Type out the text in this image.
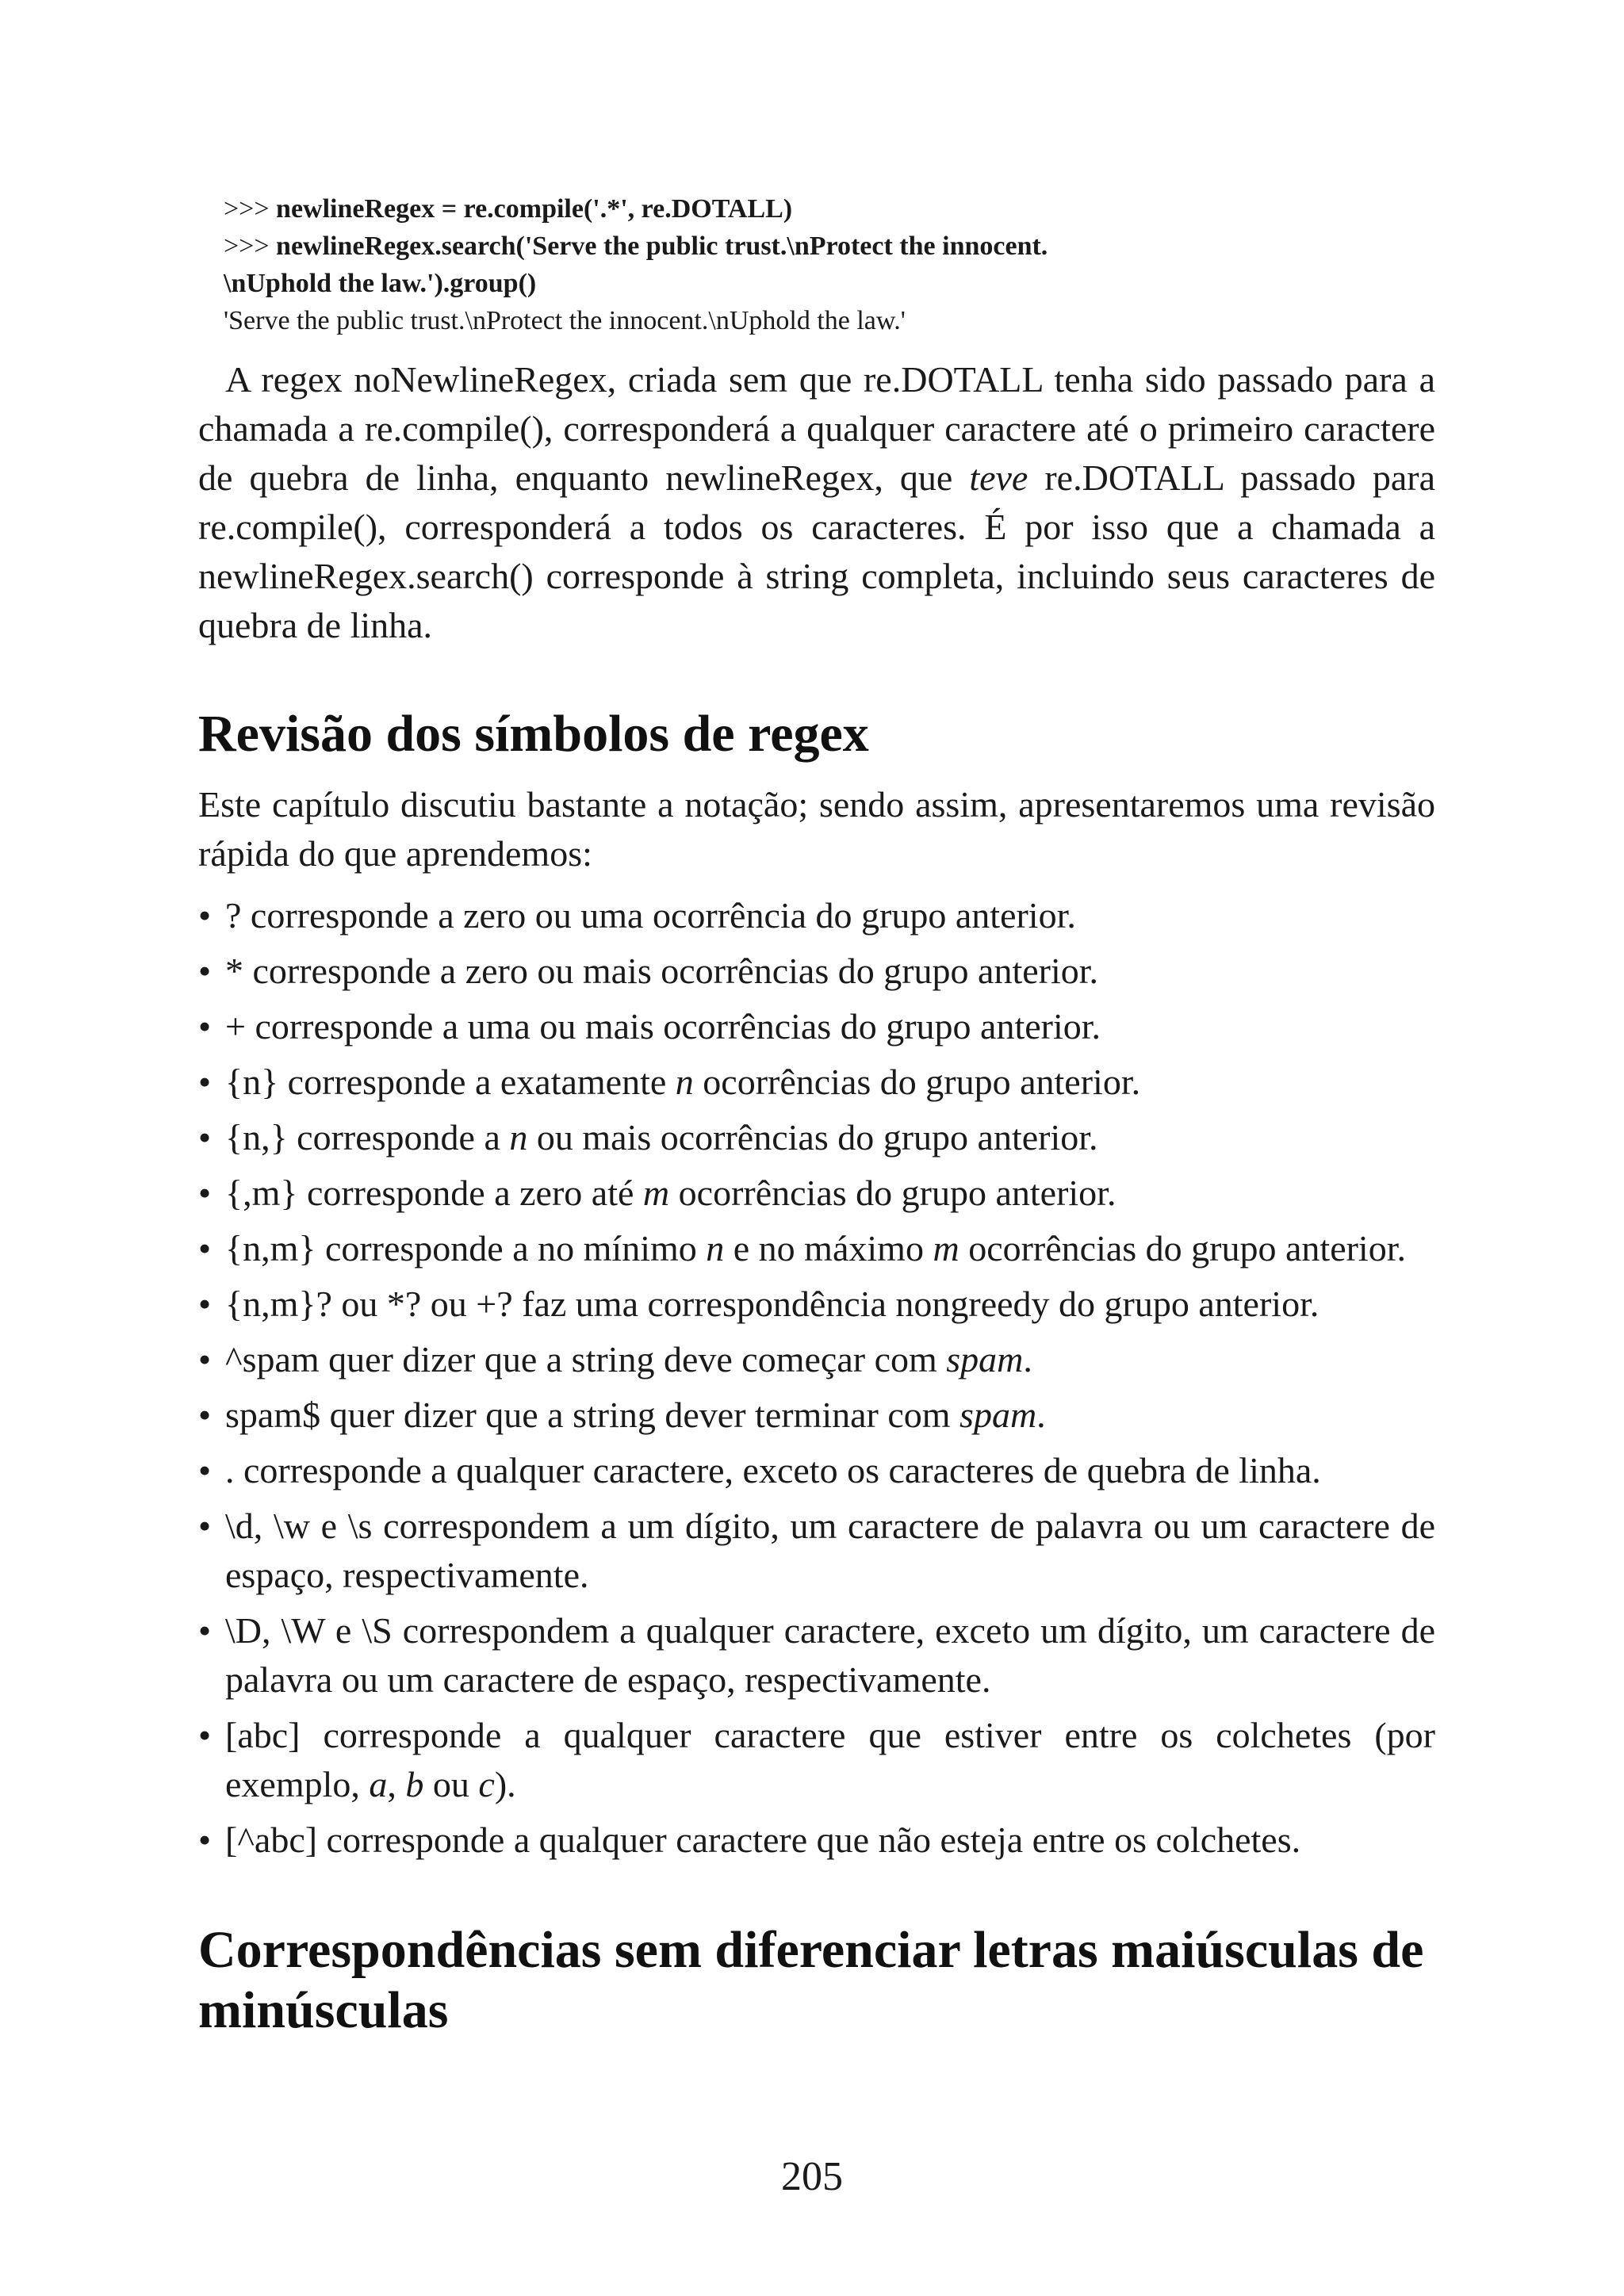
>>> newlineRegex = re.compile('.*', re.DOTALL)
>>> newlineRegex.search('Serve the public trust.\nProtect the innocent.
\nUphold the law.').group()
'Serve the public trust.\nProtect the innocent.\nUphold the law.'

A regex noNewlineRegex, criada sem que re.DOTALL tenha sido passado para a chamada a re.compile(), corresponderá a qualquer caractere até o primeiro caractere de quebra de linha, enquanto newlineRegex, que teve re.DOTALL passado para re.compile(), corresponderá a todos os caracteres. É por isso que a chamada a newlineRegex.search() corresponde à string completa, incluindo seus caracteres de quebra de linha.

Revisão dos símbolos de regex

Este capítulo discutiu bastante a notação; sendo assim, apresentaremos uma revisão rápida do que aprendemos:

• ? corresponde a zero ou uma ocorrência do grupo anterior.
• * corresponde a zero ou mais ocorrências do grupo anterior.
• + corresponde a uma ou mais ocorrências do grupo anterior.
• {n} corresponde a exatamente n ocorrências do grupo anterior.
• {n,} corresponde a n ou mais ocorrências do grupo anterior.
• {,m} corresponde a zero até m ocorrências do grupo anterior.
• {n,m} corresponde a no mínimo n e no máximo m ocorrências do grupo anterior.
• {n,m}? ou *? ou +? faz uma correspondência nongreedy do grupo anterior.
• ^spam quer dizer que a string deve começar com spam.
• spam$ quer dizer que a string dever terminar com spam.
• . corresponde a qualquer caractere, exceto os caracteres de quebra de linha.
• \d, \w e \s correspondem a um dígito, um caractere de palavra ou um caractere de espaço, respectivamente.
• \D, \W e \S correspondem a qualquer caractere, exceto um dígito, um caractere de palavra ou um caractere de espaço, respectivamente.
• [abc] corresponde a qualquer caractere que estiver entre os colchetes (por exemplo, a, b ou c).
• [^abc] corresponde a qualquer caractere que não esteja entre os colchetes.
Correspondências sem diferenciar letras maiúsculas de minúsculas
205
